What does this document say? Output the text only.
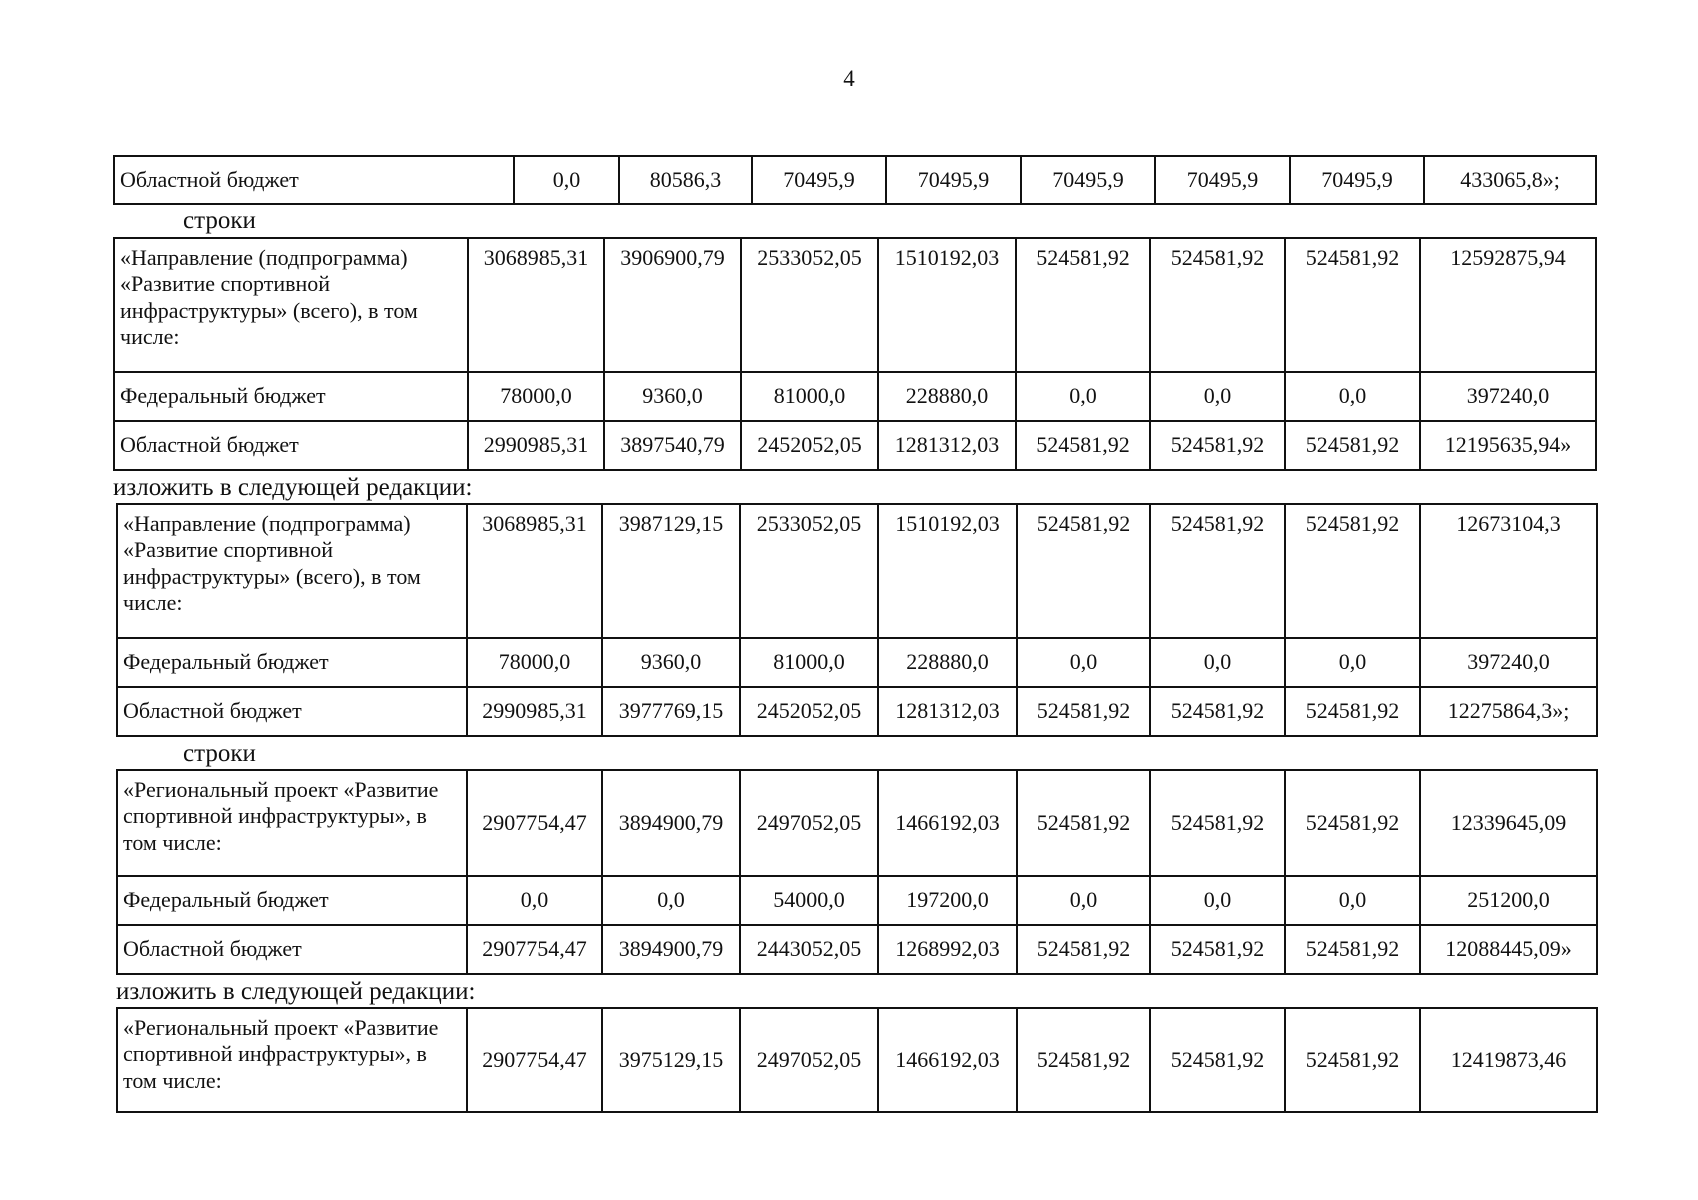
4
Областной бюджет	0,0	80586,3	70495,9	70495,9	70495,9	70495,9	70495,9	433065,8»;
строки
«Направление (подпрограмма) «Развитие спортивной инфраструктуры» (всего), в том числе:	3068985,31	3906900,79	2533052,05	1510192,03	524581,92	524581,92	524581,92	12592875,94
Федеральный бюджет	78000,0	9360,0	81000,0	228880,0	0,0	0,0	0,0	397240,0
Областной бюджет	2990985,31	3897540,79	2452052,05	1281312,03	524581,92	524581,92	524581,92	12195635,94»
изложить в следующей редакции:
«Направление (подпрограмма) «Развитие спортивной инфраструктуры» (всего), в том числе:	3068985,31	3987129,15	2533052,05	1510192,03	524581,92	524581,92	524581,92	12673104,3
Федеральный бюджет	78000,0	9360,0	81000,0	228880,0	0,0	0,0	0,0	397240,0
Областной бюджет	2990985,31	3977769,15	2452052,05	1281312,03	524581,92	524581,92	524581,92	12275864,3»;
строки
«Региональный проект «Развитие спортивной инфраструктуры», в том числе:	2907754,47	3894900,79	2497052,05	1466192,03	524581,92	524581,92	524581,92	12339645,09
Федеральный бюджет	0,0	0,0	54000,0	197200,0	0,0	0,0	0,0	251200,0
Областной бюджет	2907754,47	3894900,79	2443052,05	1268992,03	524581,92	524581,92	524581,92	12088445,09»
изложить в следующей редакции:
«Региональный проект «Развитие спортивной инфраструктуры», в том числе:	2907754,47	3975129,15	2497052,05	1466192,03	524581,92	524581,92	524581,92	12419873,46
